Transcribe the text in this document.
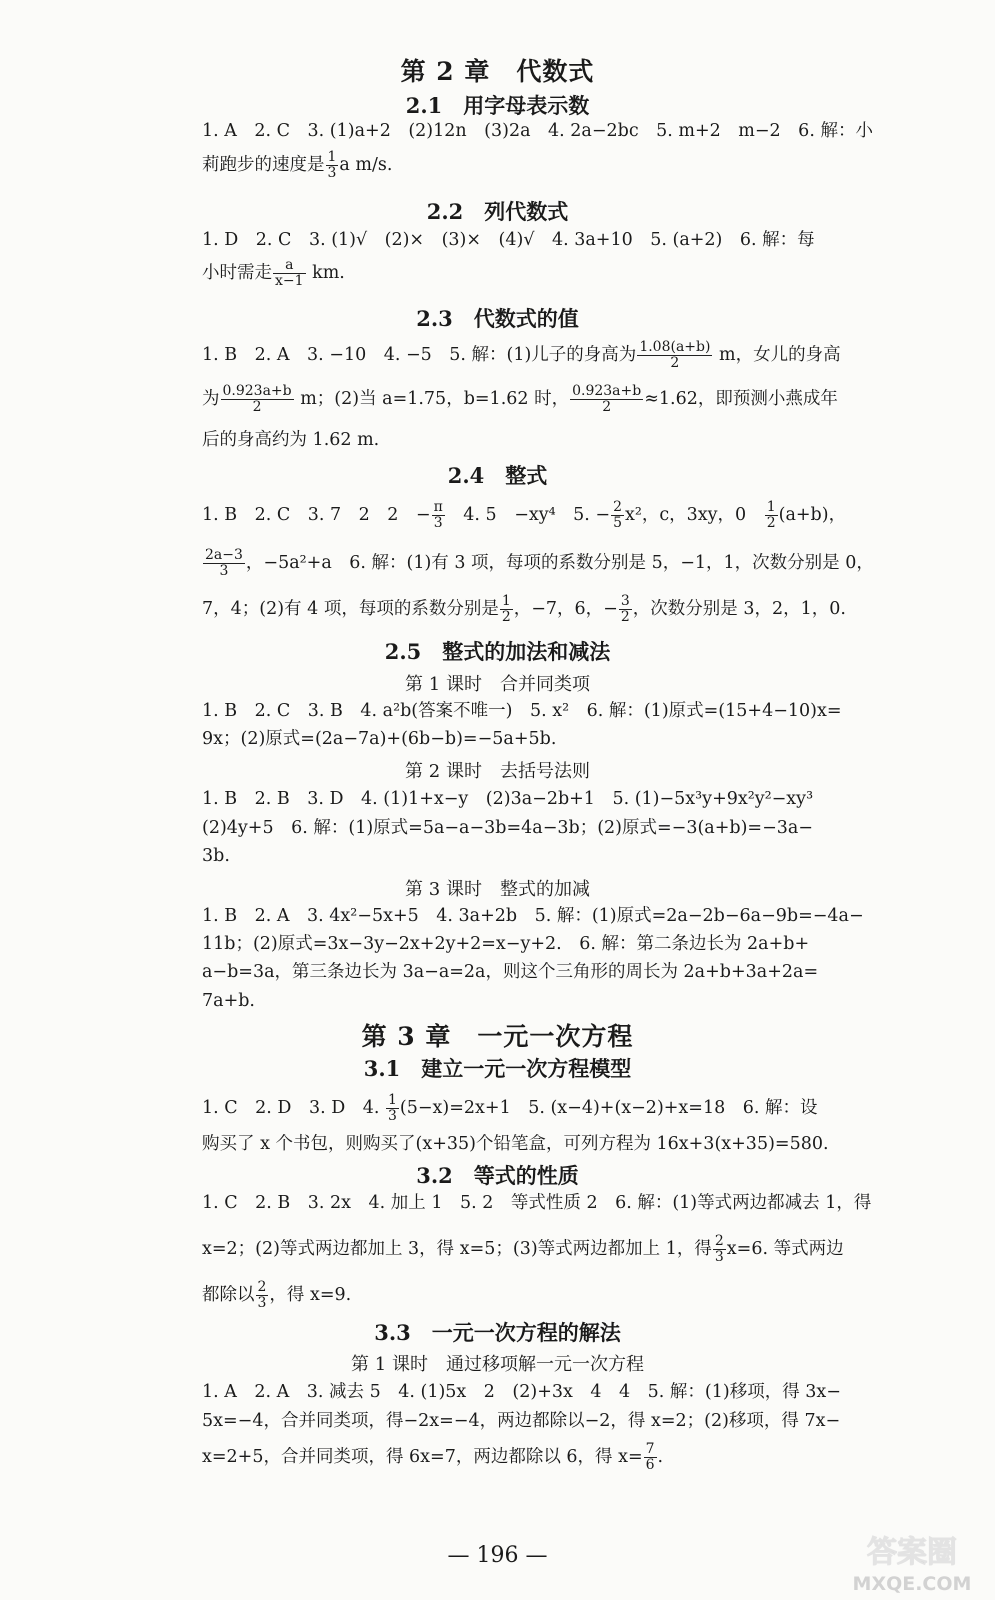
第 2 章　代数式
2.1　用字母表示数
1. A　2. C　3. (1)a+2　(2)12n　(3)2a　4. 2a−2bc　5. m+2　m−2　6. 解：小
莉跑步的速度是 $\frac{1}{3}$ a m/s.
2.2　列代数式
1. D　2. C　3. (1)√　(2)×　(3)×　(4)√　4. 3a+10　5. (a+2)　6. 解：每
小时需走 $\frac{a}{x-1}$ km.
2.3　代数式的值
1. B　2. A　3. −10　4. −5　5. 解：(1)儿子的身高为 $\frac{1.08(a+b)}{2}$ m，女儿的身高
为 $\frac{0.923a+b}{2}$ m；(2)当 a=1.75，b=1.62 时， $\frac{0.923a+b}{2} \approx 1.62$，即预测小燕成年
后的身高约为 1.62 m.
2.4　整式
1. B　2. C　3. 7　2　2　− $\frac{\pi}{3}$ 　4. 5　−xy⁴　5. − $\frac{2}{5} x^2$，c，3xy，0　 $\frac{1}{2} (a+b)$，
$\frac{2a-3}{3}$ ，−5a²+a　6. 解：(1)有 3 项，每项的系数分别是 5，−1，1，次数分别是 0，
7，4；(2)有 4 项，每项的系数分别是 $\frac{1}{2}$ ，−7，6，− $\frac{3}{2}$ ，次数分别是 3，2，1，0.
2.5　整式的加法和减法
第 1 课时　合并同类项
1. B　2. C　3. B　4. a²b(答案不唯一)　5. x²　6. 解：(1)原式=(15+4−10)x=
9x；(2)原式=(2a−7a)+(6b−b)=−5a+5b.
第 2 课时　去括号法则
1. B　2. B　3. D　4. (1)1+x−y　(2)3a−2b+1　5. (1)−5x³y+9x²y²−xy³
(2)4y+5　6. 解：(1)原式=5a−a−3b=4a−3b；(2)原式=−3(a+b)=−3a−
3b.
第 3 课时　整式的加减
1. B　2. A　3. 4x²−5x+5　4. 3a+2b　5. 解：(1)原式=2a−2b−6a−9b=−4a−
11b；(2)原式=3x−3y−2x+2y+2=x−y+2.　6. 解：第二条边长为 2a+b+
a−b=3a，第三条边长为 3a−a=2a，则这个三角形的周长为 2a+b+3a+2a=
7a+b.
第 3 章　一元一次方程
3.1　建立一元一次方程模型
1. C　2. D　3. D　4. $\frac{1}{3} (5-x)=2x+1$　5. (x−4)+(x−2)+x=18　6. 解：设
购买了 x 个书包，则购买了(x+35)个铅笔盒，可列方程为 16x+3(x+35)=580.
3.2　等式的性质
1. C　2. B　3. 2x　4. 加上 1　5. 2　等式性质 2　6. 解：(1)等式两边都减去 1，得
x=2；(2)等式两边都加上 3，得 x=5；(3)等式两边都加上 1，得 $\frac{2}{3} x=6$. 等式两边
都除以 $\frac{2}{3}$ ，得 x=9.
3.3　一元一次方程的解法
第 1 课时　通过移项解一元一次方程
1. A　2. A　3. 减去 5　4. (1)5x　2　(2)+3x　4　4　5. 解：(1)移项，得 3x−
5x=−4，合并同类项，得−2x=−4，两边都除以−2，得 x=2；(2)移项，得 7x−
x=2+5，合并同类项，得 6x=7，两边都除以 6，得 $x= \frac{7}{6}$ .
— 196 —	答案圈
MXQE.COM
